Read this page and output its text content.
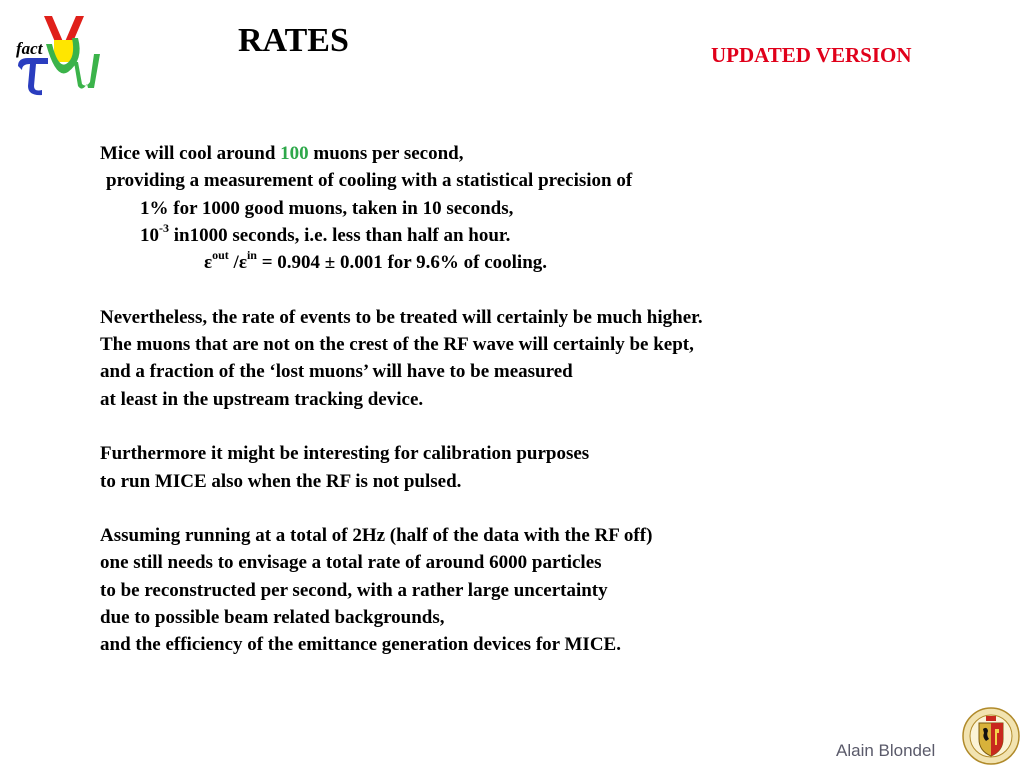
fact	RATES	UPDATED VERSION
Mice will cool around 100 muons per second,
providing a measurement of cooling with a statistical precision of
1% for 1000 good muons, taken in 10 seconds,
$10^{-3}$ in1000 seconds, i.e. less than half an hour.
$\varepsilon^{out}$ $/\varepsilon^{in} = 0.904 \pm 0.001$ for 9.6% of cooling.
Nevertheless, the rate of events to be treated will certainly be much higher.
The muons that are not on the crest of the RF wave will certainly be kept,
and a fraction of the ‘lost muons’ will have to be measured
at least in the upstream tracking device.
Furthermore it might be interesting for calibration purposes
to run MICE also when the RF is not pulsed.
Assuming running at a total of 2Hz (half of the data with the RF off)
one still needs to envisage a total rate of around 6000 particles
to be reconstructed per second, with a rather large uncertainty
due to possible beam related backgrounds,
and the efficiency of the emittance generation devices for MICE.
Alain Blondel
